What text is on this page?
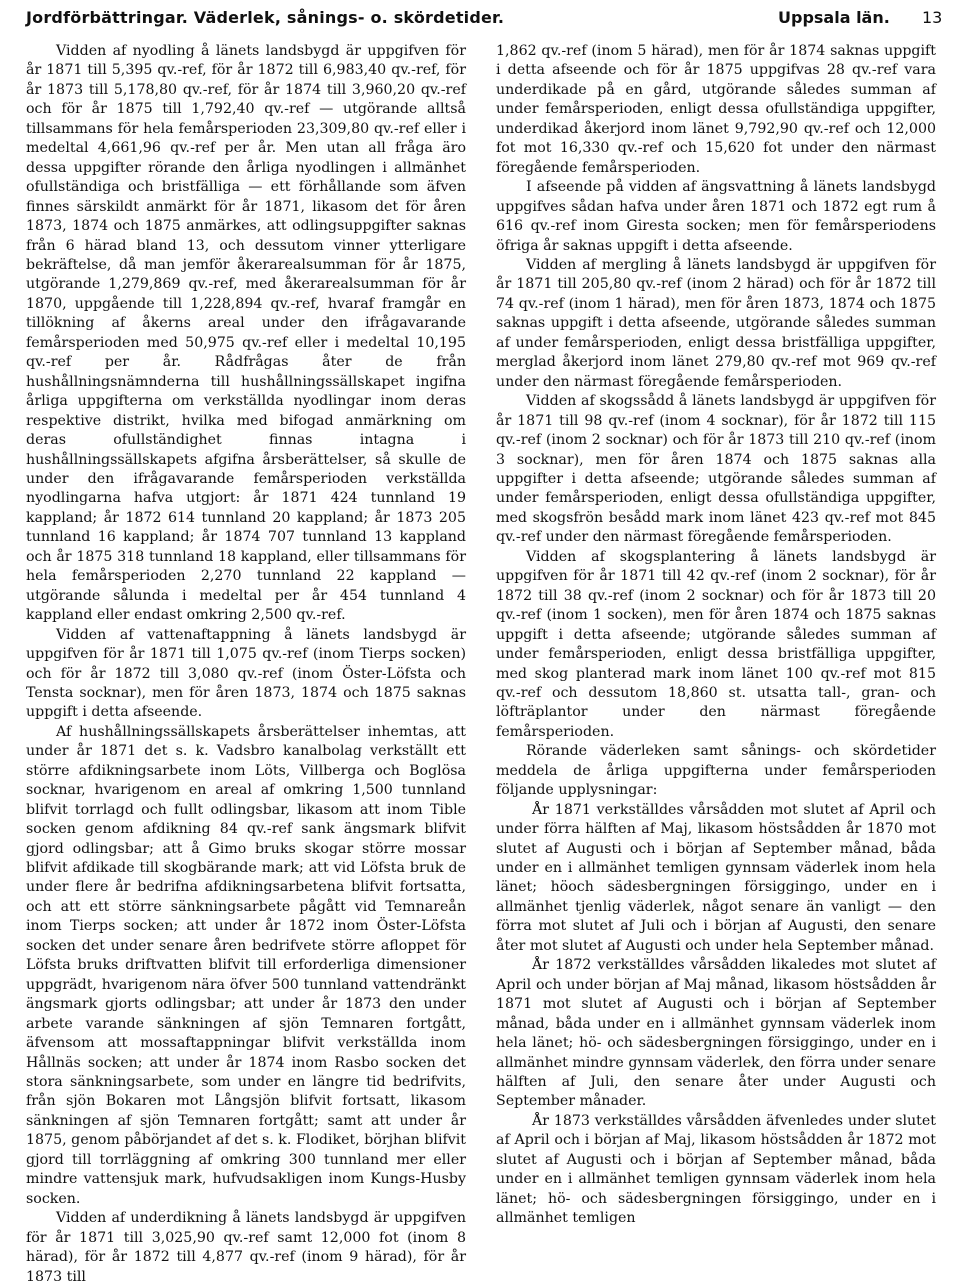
Jordförbättringar. Väderlek, sånings- o. skördetider.	Uppsala län. 13

Vidden af nyodling å länets landsbygd är uppgifven för år 1871 till 5,395 qv.-ref, för år 1872 till 6,983,40 qv.-ref, för år 1873 till 5,178,80 qv.-ref, för år 1874 till 3,960,20 qv.-ref och för år 1875 till 1,792,40 qv.-ref — utgörande alltså tillsammans för hela femårsperioden 23,309,80 qv.-ref eller i medeltal 4,661,96 qv.-ref per år. Men utan all fråga äro dessa uppgifter rörande den årliga nyodlingen i allmänhet ofullständiga och bristfälliga — ett förhållande som äfven finnes särskildt anmärkt för år 1871, likasom det för åren 1873, 1874 och 1875 anmärkes, att odlingsuppgifter saknas från 6 härad bland 13, och dessutom vinner ytterligare bekräftelse, då man jemför åkerarealsumman för år 1875, utgörande 1,279,869 qv.-ref, med åkerarealsumman för år 1870, uppgående till 1,228,894 qv.-ref, hvaraf framgår en tillökning af åkerns areal under den ifrågavarande femårsperioden med 50,975 qv.-ref eller i medeltal 10,195 qv.-ref per år. Rådfrågas åter de från hushållningsnämnderna till hushållningssällskapet ingifna årliga uppgifterna om verkställda nyodlingar inom deras respektive distrikt, hvilka med bifogad anmärkning om deras ofullständighet finnas intagna i hushållningssällskapets afgifna årsberättelser, så skulle de under den ifrågavarande femårsperioden verkställda nyodlingarna hafva utgjort: år 1871 424 tunnland 19 kappland; år 1872 614 tunnland 20 kappland; år 1873 205 tunnland 16 kappland; år 1874 707 tunnland 13 kappland och år 1875 318 tunnland 18 kappland, eller tillsammans för hela femårsperioden 2,270 tunnland 22 kappland — utgörande sålunda i medeltal per år 454 tunnland 4 kappland eller endast omkring 2,500 qv.-ref.

Vidden af vattenaftappning å länets landsbygd är uppgifven för år 1871 till 1,075 qv.-ref (inom Tierps socken) och för år 1872 till 3,080 qv.-ref (inom Öster-Löfsta och Tensta socknar), men för åren 1873, 1874 och 1875 saknas uppgift i detta afseende.

Af hushållningssällskapets årsberättelser inhemtas, att under år 1871 det s. k. Vadsbro kanalbolag verkställt ett större afdikningsarbete inom Löts, Villberga och Boglösa socknar, hvarigenom en areal af omkring 1,500 tunnland blifvit torrlagd och fullt odlingsbar, likasom att inom Tible socken genom afdikning 84 qv.-ref sank ängsmark blifvit gjord odlingsbar; att å Gimo bruks skogar större mossar blifvit afdikade till skogbärande mark; att vid Löfsta bruk de under flere år bedrifna afdikningsarbetena blifvit fortsatta, och att ett större sänkningsarbete pågått vid Temnareån inom Tierps socken; att under år 1872 inom Öster-Löfsta socken det under senare åren bedrifvete större afloppet för Löfsta bruks driftvatten blifvit till erforderliga dimensioner uppgrädt, hvarigenom nära öfver 500 tunnland vattendränkt ängsmark gjorts odlingsbar; att under år 1873 den under arbete varande sänkningen af sjön Temnaren fortgått, äfvensom att mossaftappningar blifvit verkställda inom Hållnäs socken; att under år 1874 inom Rasbo socken det stora sänkningsarbete, som under en längre tid bedrifvits, från sjön Bokaren mot Långsjön blifvit fortsatt, likasom sänkningen af sjön Temnaren fortgått; samt att under år 1875, genom påbörjandet af det s. k. Flodiket, börjhan blifvit gjord till torrläggning af omkring 300 tunnland mer eller mindre vattensjuk mark, hufvudsakligen inom Kungs-Husby socken.

Vidden af underdikning å länets landsbygd är uppgifven för år 1871 till 3,025,90 qv.-ref samt 12,000 fot (inom 8 härad), för år 1872 till 4,877 qv.-ref (inom 9 härad), för år 1873 till

1,862 qv.-ref (inom 5 härad), men för år 1874 saknas uppgift i detta afseende och för år 1875 uppgifvas 28 qv.-ref vara underdikade på en gård, utgörande således summan af under femårsperioden, enligt dessa ofullständiga uppgifter, underdikad åkerjord inom länet 9,792,90 qv.-ref och 12,000 fot mot 16,330 qv.-ref och 15,620 fot under den närmast föregående femårsperioden.

I afseende på vidden af ängsvattning å länets landsbygd uppgifves sådan hafva under åren 1871 och 1872 egt rum å 616 qv.-ref inom Giresta socken; men för femårsperiodens öfriga år saknas uppgift i detta afseende.

Vidden af mergling å länets landsbygd är uppgifven för år 1871 till 205,80 qv.-ref (inom 2 härad) och för år 1872 till 74 qv.-ref (inom 1 härad), men för åren 1873, 1874 och 1875 saknas uppgift i detta afseende, utgörande således summan af under femårsperioden, enligt dessa bristfälliga uppgifter, merglad åkerjord inom länet 279,80 qv.-ref mot 969 qv.-ref under den närmast föregående femårsperioden.

Vidden af skogssådd å länets landsbygd är uppgifven för år 1871 till 98 qv.-ref (inom 4 socknar), för år 1872 till 115 qv.-ref (inom 2 socknar) och för år 1873 till 210 qv.-ref (inom 3 socknar), men för åren 1874 och 1875 saknas alla uppgifter i detta afseende; utgörande således summan af under femårsperioden, enligt dessa ofullständiga uppgifter, med skogsfrön besådd mark inom länet 423 qv.-ref mot 845 qv.-ref under den närmast föregående femårsperioden.

Vidden af skogsplantering å länets landsbygd är uppgifven för år 1871 till 42 qv.-ref (inom 2 socknar), för år 1872 till 38 qv.-ref (inom 2 socknar) och för år 1873 till 20 qv.-ref (inom 1 socken), men för åren 1874 och 1875 saknas uppgift i detta afseende; utgörande således summan af under femårsperioden, enligt dessa bristfälliga uppgifter, med skog planterad mark inom länet 100 qv.-ref mot 815 qv.-ref och dessutom 18,860 st. utsatta tall-, gran- och löfträplantor under den närmast föregående femårsperioden.

Rörande väderleken samt sånings- och skördetider meddela de årliga uppgifterna under femårsperioden följande upplysningar:

År 1871 verkställdes vårsådden mot slutet af April och under förra hälften af Maj, likasom höstsådden år 1870 mot slutet af Augusti och i början af September månad, båda under en i allmänhet temligen gynnsam väderlek inom hela länet; höoch sädesbergningen försiggingo, under en i allmänhet tjenlig väderlek, något senare än vanligt — den förra mot slutet af Juli och i början af Augusti, den senare åter mot slutet af Augusti och under hela September månad.

År 1872 verkställdes vårsådden likaledes mot slutet af April och under början af Maj månad, likasom höstsådden år 1871 mot slutet af Augusti och i början af September månad, båda under en i allmänhet gynnsam väderlek inom hela länet; hö- och sädesbergningen försiggingo, under en i allmänhet mindre gynnsam väderlek, den förra under senare hälften af Juli, den senare åter under Augusti och September månader.

År 1873 verkställdes vårsådden äfvenledes under slutet af April och i början af Maj, likasom höstsådden år 1872 mot slutet af Augusti och i början af September månad, båda under en i allmänhet temligen gynnsam väderlek inom hela länet; hö- och sädesbergningen försiggingo, under en i allmänhet temligen
